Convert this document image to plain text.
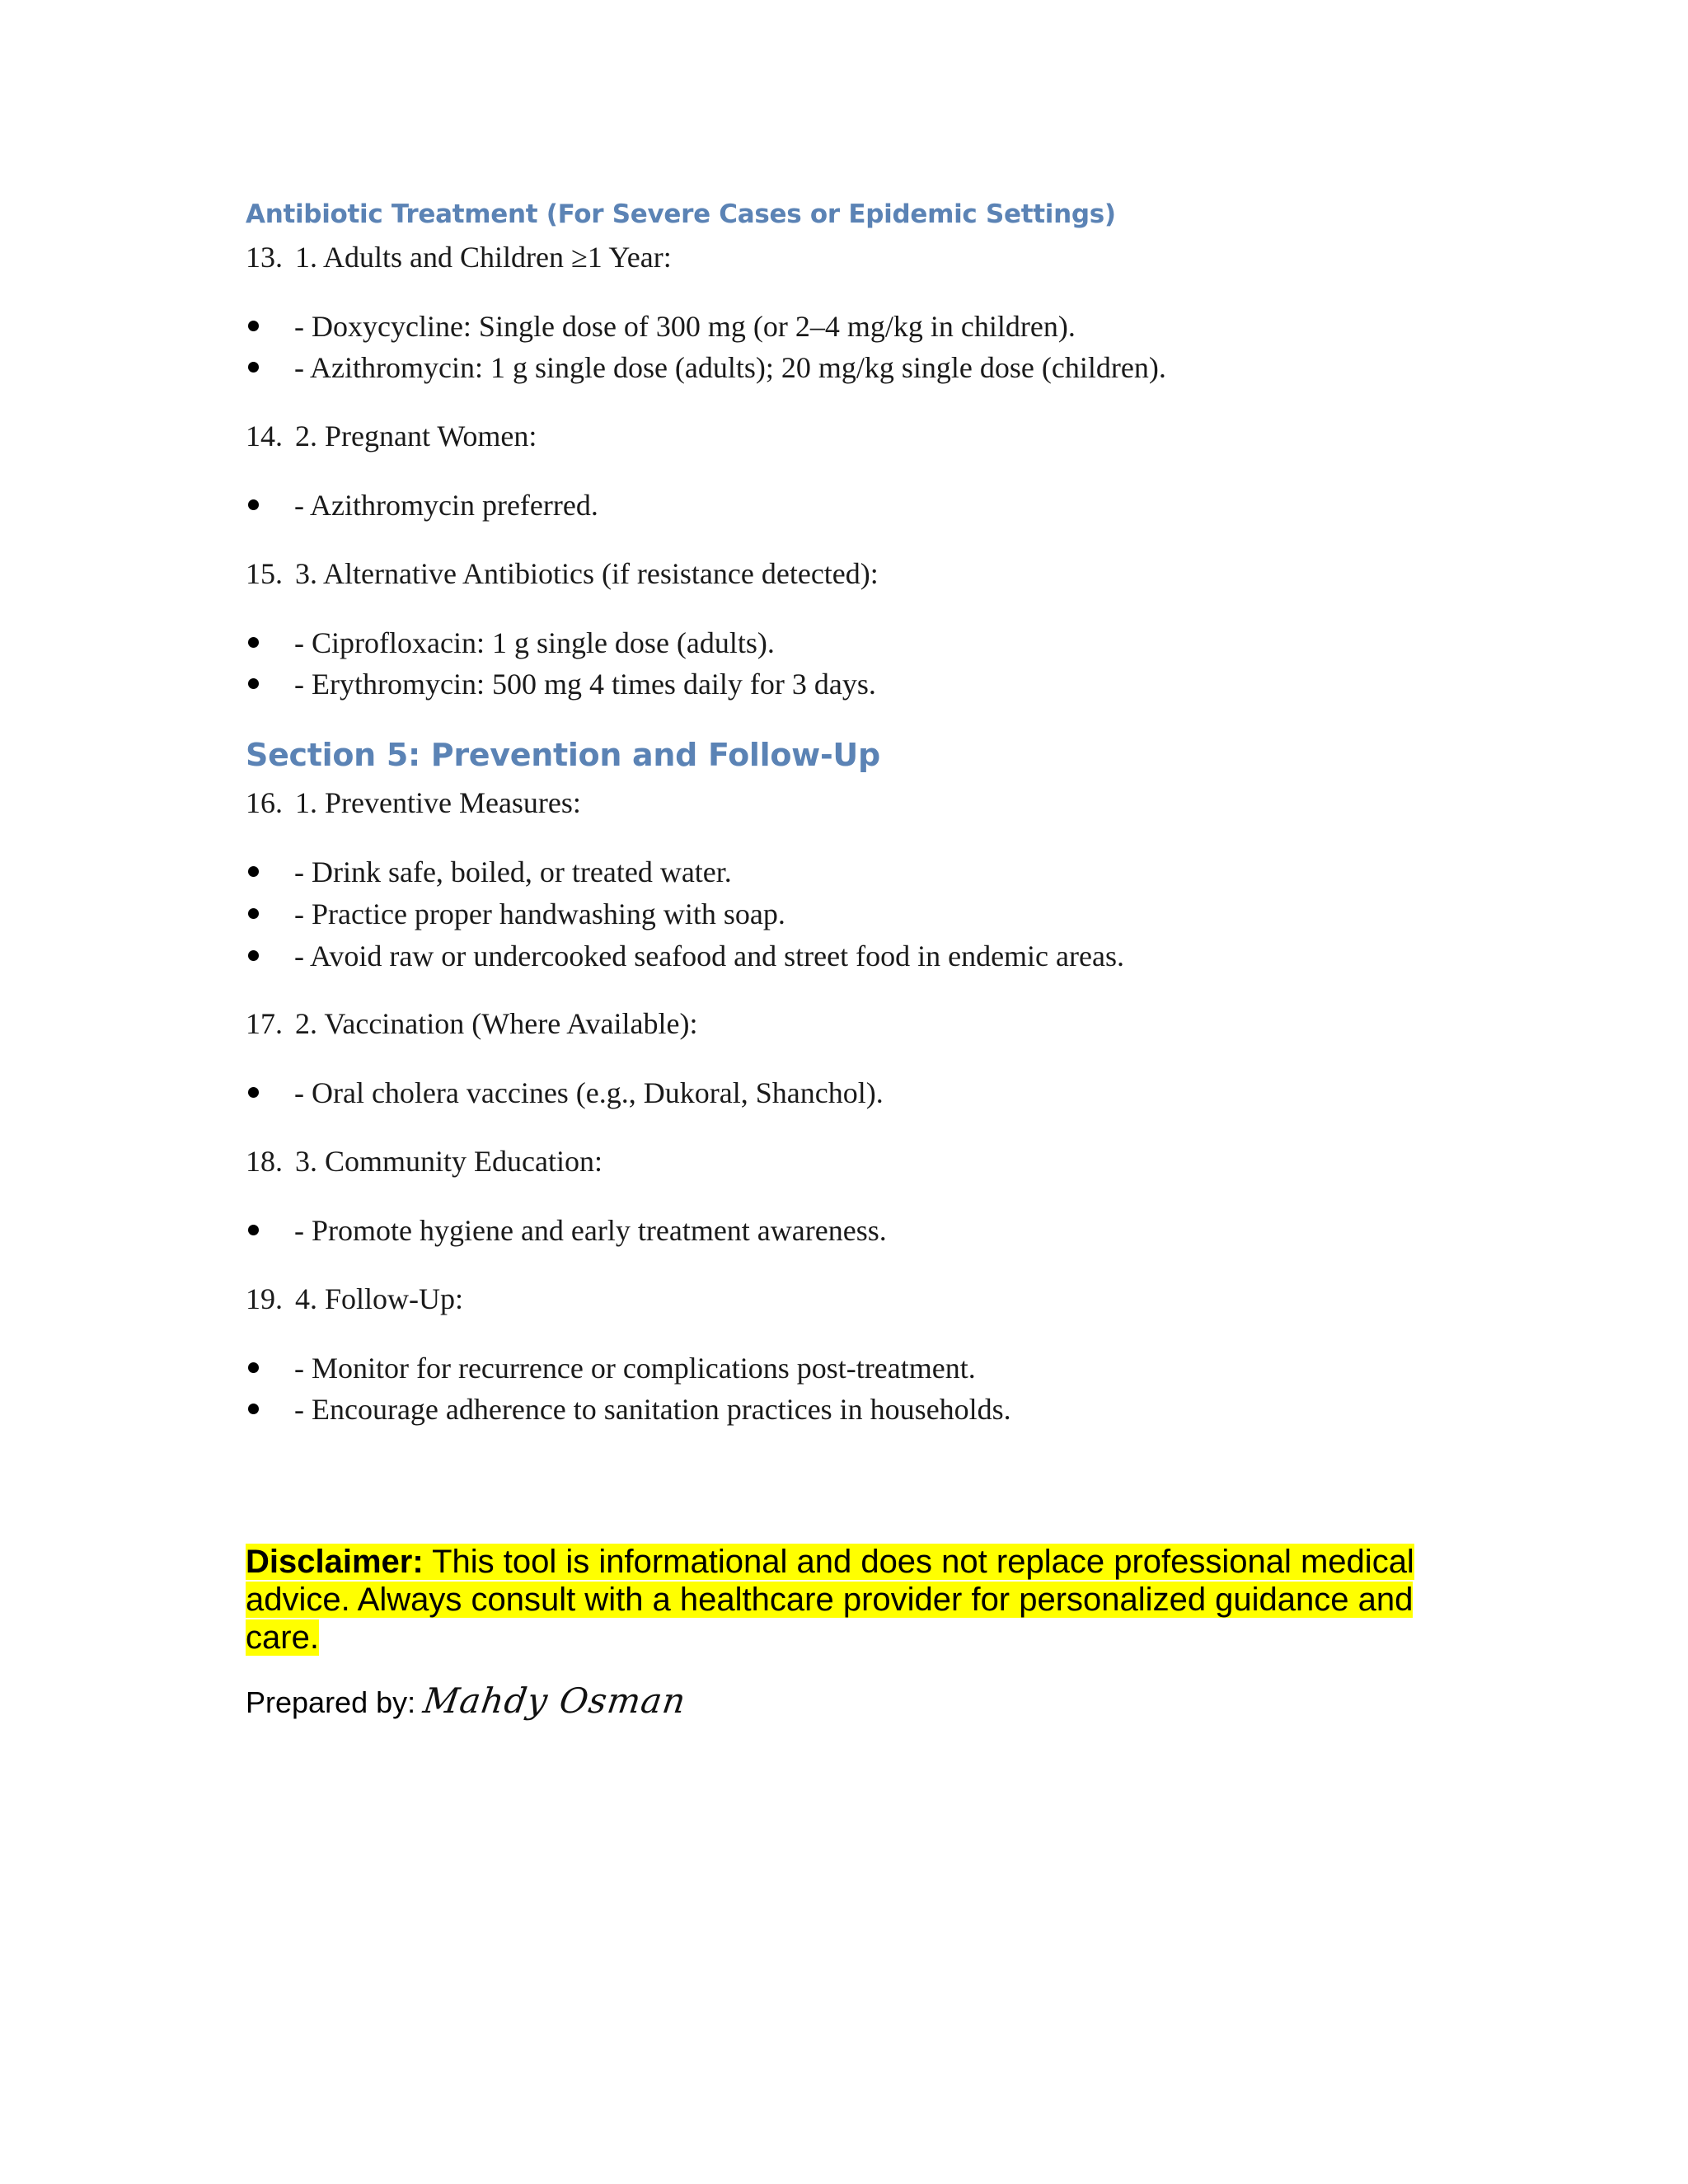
Antibiotic Treatment (For Severe Cases or Epidemic Settings)

13. 1. Adults and Children ≥1 Year:
- Doxycycline: Single dose of 300 mg (or 2–4 mg/kg in children).
- Azithromycin: 1 g single dose (adults); 20 mg/kg single dose (children).
14. 2. Pregnant Women:
- Azithromycin preferred.
15. 3. Alternative Antibiotics (if resistance detected):
- Ciprofloxacin: 1 g single dose (adults).
- Erythromycin: 500 mg 4 times daily for 3 days.

Section 5: Prevention and Follow-Up

16. 1. Preventive Measures:
- Drink safe, boiled, or treated water.
- Practice proper handwashing with soap.
- Avoid raw or undercooked seafood and street food in endemic areas.
17. 2. Vaccination (Where Available):
- Oral cholera vaccines (e.g., Dukoral, Shanchol).
18. 3. Community Education:
- Promote hygiene and early treatment awareness.
19. 4. Follow-Up:
- Monitor for recurrence or complications post-treatment.
- Encourage adherence to sanitation practices in households.

Disclaimer: This tool is informational and does not replace professional medical advice. Always consult with a healthcare provider for personalized guidance and care.

Prepared by: Mahdy Osman
